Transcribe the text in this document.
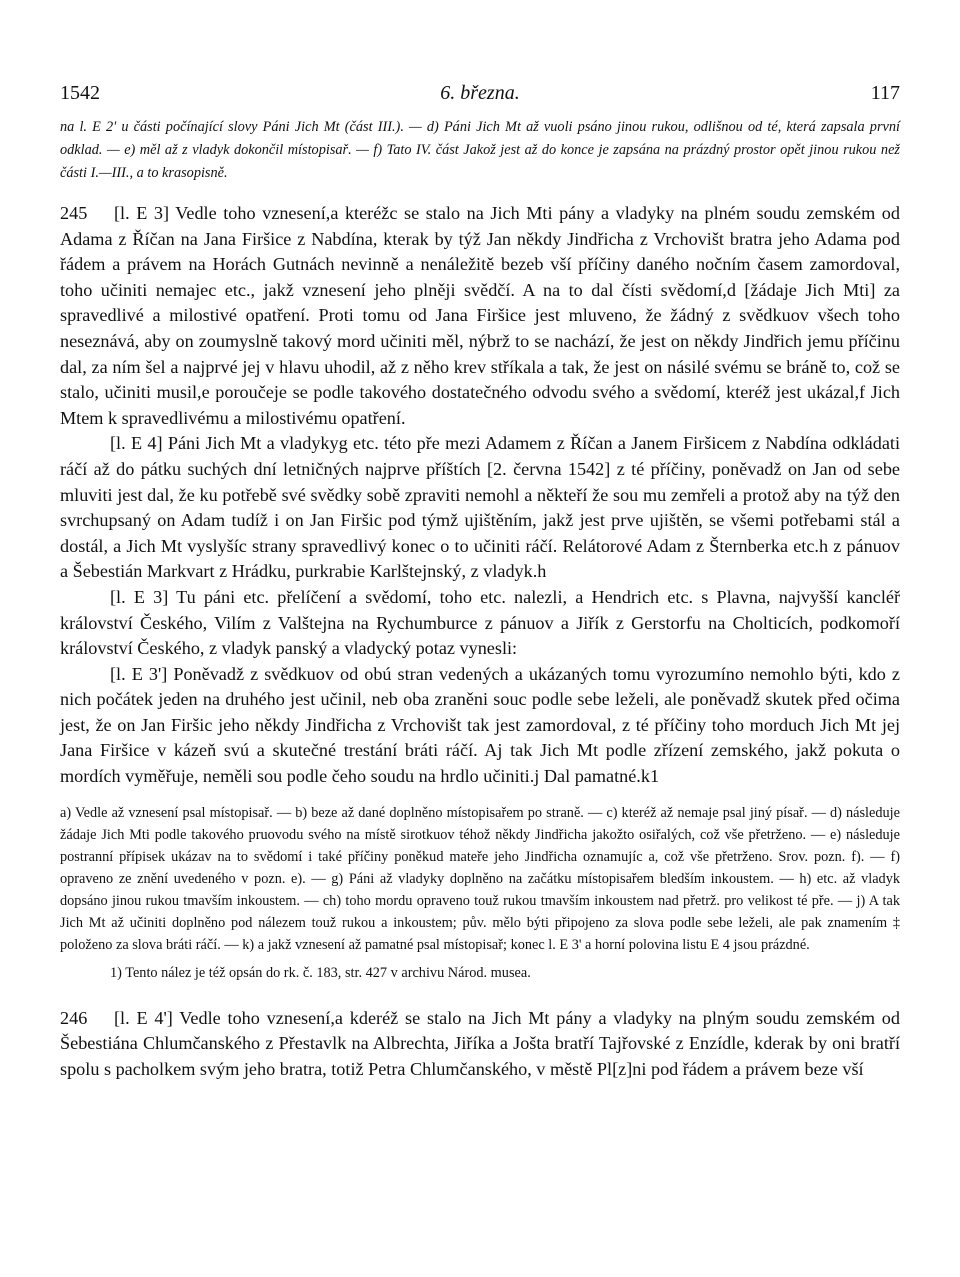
1542	6. března.	117

na l. E 2' u části počínající slovy Páni Jich Mt (část III.). — d) Páni Jich Mt až vuoli psáno jinou rukou, odlišnou od té, která zapsala první odklad. — e) měl až z vladyk dokončil místopisař. — f) Tato IV. část Jakož jest až do konce je zapsána na prázdný prostor opět jinou rukou než části I.—III., a to krasopisně.

245 [l. E 3] Vedle toho vznesení,a kteréžc se stalo na Jich Mti pány a vladyky na plném soudu zemském od Adama z Říčan na Jana Firšice z Nabdína, kterak by týž Jan někdy Jindřicha z Vrchovišt bratra jeho Adama pod řádem a právem na Horách Gutnách nevinně a nenáležitě bezeb vší příčiny daného nočním časem zamordoval, toho učiniti nemajec etc., jakž vznesení jeho plněji svědčí. A na to dal čísti svědomí,d [žádaje Jich Mti] za spravedlivé a milostivé opatření. Proti tomu od Jana Firšice jest mluveno, že žádný z svědkuov všech toho neseznává, aby on zoumyslně takový mord učiniti měl, nýbrž to se nachází, že jest on někdy Jindřich jemu příčinu dal, za ním šel a najprvé jej v hlavu uhodil, až z něho krev stříkala a tak, že jest on násilé svému se bráně to, což se stalo, učiniti musil,e poroučeje se podle takového dostatečného odvodu svého a svědomí, kteréž jest ukázal,f Jich Mtem k spravedlivému a milostivému opatření.

[l. E 4] Páni Jich Mt a vladykyg etc. této pře mezi Adamem z Říčan a Janem Firšicem z Nabdína odkládati ráčí až do pátku suchých dní letničných najprve příštích [2. června 1542] z té příčiny, poněvadž on Jan od sebe mluviti jest dal, že ku potřebě své svědky sobě zpraviti nemohl a někteří že sou mu zemřeli a protož aby na týž den svrchupsaný on Adam tudíž i on Jan Firšic pod týmž ujištěním, jakž jest prve ujištěn, se všemi potřebami stál a dostál, a Jich Mt vyslyšíc strany spravedlivý konec o to učiniti ráčí. Relátorové Adam z Šternberka etc.h z pánuov a Šebestián Markvart z Hrádku, purkrabie Karlštejnský, z vladyk.h

[l. E 3] Tu páni etc. přelíčení a svědomí, toho etc. nalezli, a Hendrich etc. s Plavna, najvyšší kancléř království Českého, Vilím z Valštejna na Rychumburce z pánuov a Jiřík z Gerstorfu na Cholticích, podkomoří království Českého, z vladyk panský a vladycký potaz vynesli:

[l. E 3'] Poněvadž z svědkuov od obú stran vedených a ukázaných tomu vyrozumíno nemohlo býti, kdo z nich počátek jeden na druhého jest učinil, neb oba zraněni souc podle sebe leželi, ale poněvadž skutek před očima jest, že on Jan Firšic jeho někdy Jindřicha z Vrchovišt tak jest zamordoval, z té příčiny toho morduch Jich Mt jej Jana Firšice v kázeň svú a skutečné trestání bráti ráčí. Aj tak Jich Mt podle zřízení zemského, jakž pokuta o mordích vyměřuje, neměli sou podle čeho soudu na hrdlo učiniti.j Dal pamatné.k1

a) Vedle až vznesení psal místopisař. — b) beze až dané doplněno místopisařem po straně. — c) kteréž až nemaje psal jiný písař. — d) následuje žádaje Jich Mti podle takového pruovodu svého na místě sirotkuov téhož někdy Jindřicha jakožto osiřalých, což vše přetrženo. — e) následuje postranní přípisek ukázav na to svědomí i také příčiny poněkud mateře jeho Jindřicha oznamujíc a, což vše přetrženo. Srov. pozn. f). — f) opraveno ze znění uvedeného v pozn. e). — g) Páni až vladyky doplněno na začátku místopisařem bledším inkoustem. — h) etc. až vladyk dopsáno jinou rukou tmavším inkoustem. — ch) toho mordu opraveno touž rukou tmavším inkoustem nad přetrž. pro velikost té pře. — j) A tak Jich Mt až učiniti doplněno pod nálezem touž rukou a inkoustem; pův. mělo býti připojeno za slova podle sebe leželi, ale pak znamením ‡ položeno za slova bráti ráčí. — k) a jakž vznesení až pamatné psal místopisař; konec l. E 3' a horní polovina listu E 4 jsou prázdné.

1) Tento nález je též opsán do rk. č. 183, str. 427 v archivu Národ. musea.

246 [l. E 4'] Vedle toho vznesení,a kderéž se stalo na Jich Mt pány a vladyky na plným soudu zemském od Šebestiána Chlumčanského z Přestavlk na Albrechta, Jiříka a Jošta bratří Tajřovské z Enzídle, kderak by oni bratří spolu s pacholkem svým jeho bratra, totiž Petra Chlumčanského, v městě Pl[z]ni pod řádem a právem beze vší
